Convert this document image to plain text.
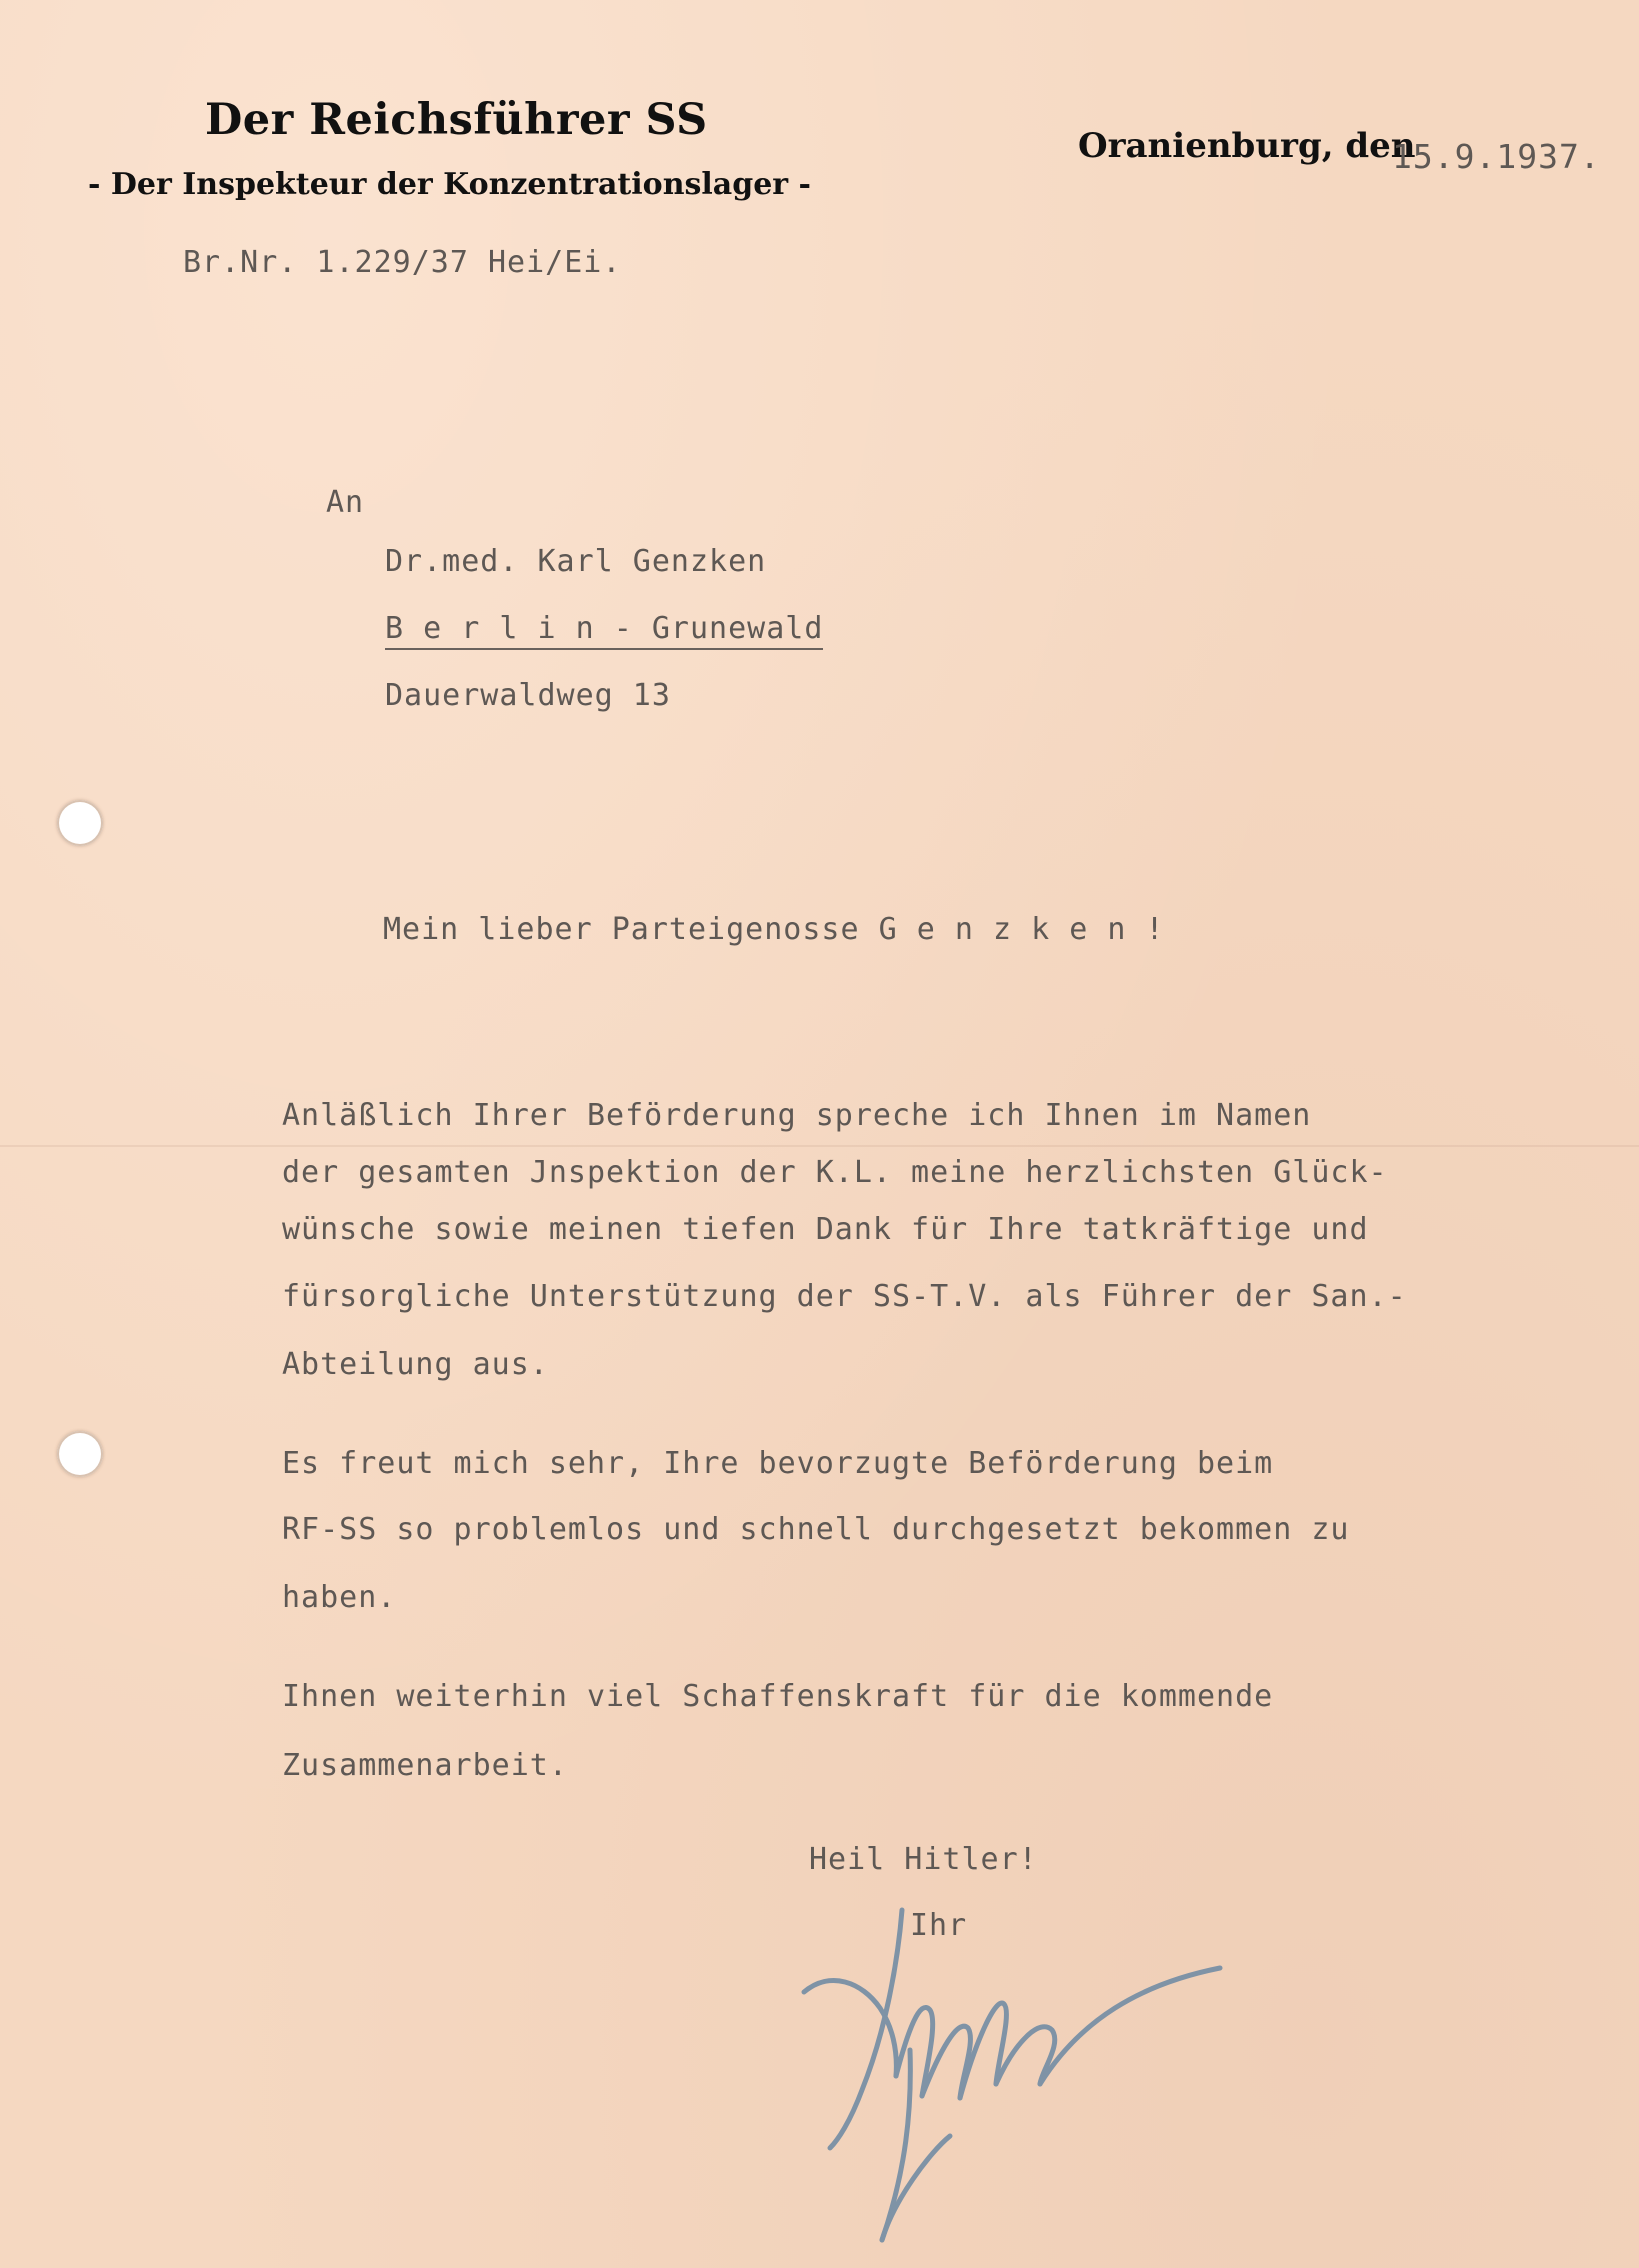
Der Reichsführer SS
- Der Inspekteur der Konzentrationslager -
Oranienburg, den
15.9.1937.
Br.Nr. 1.229/37 Hei/Ei.
An
Dr.med. Karl Genzken
B e r l i n - Grunewald
Dauerwaldweg 13
Mein lieber Parteigenosse G e n z k e n !
Anläßlich Ihrer Beförderung spreche ich Ihnen im Namen
der gesamten Jnspektion der K.L. meine herzlichsten Glück-
wünsche sowie meinen tiefen Dank für Ihre tatkräftige und
fürsorgliche Unterstützung der SS-T.V. als Führer der San.-
Abteilung aus.
Es freut mich sehr, Ihre bevorzugte Beförderung beim
RF-SS so problemlos und schnell durchgesetzt bekommen zu
haben.
Ihnen weiterhin viel Schaffenskraft für die kommende
Zusammenarbeit.
Heil Hitler!
Ihr
